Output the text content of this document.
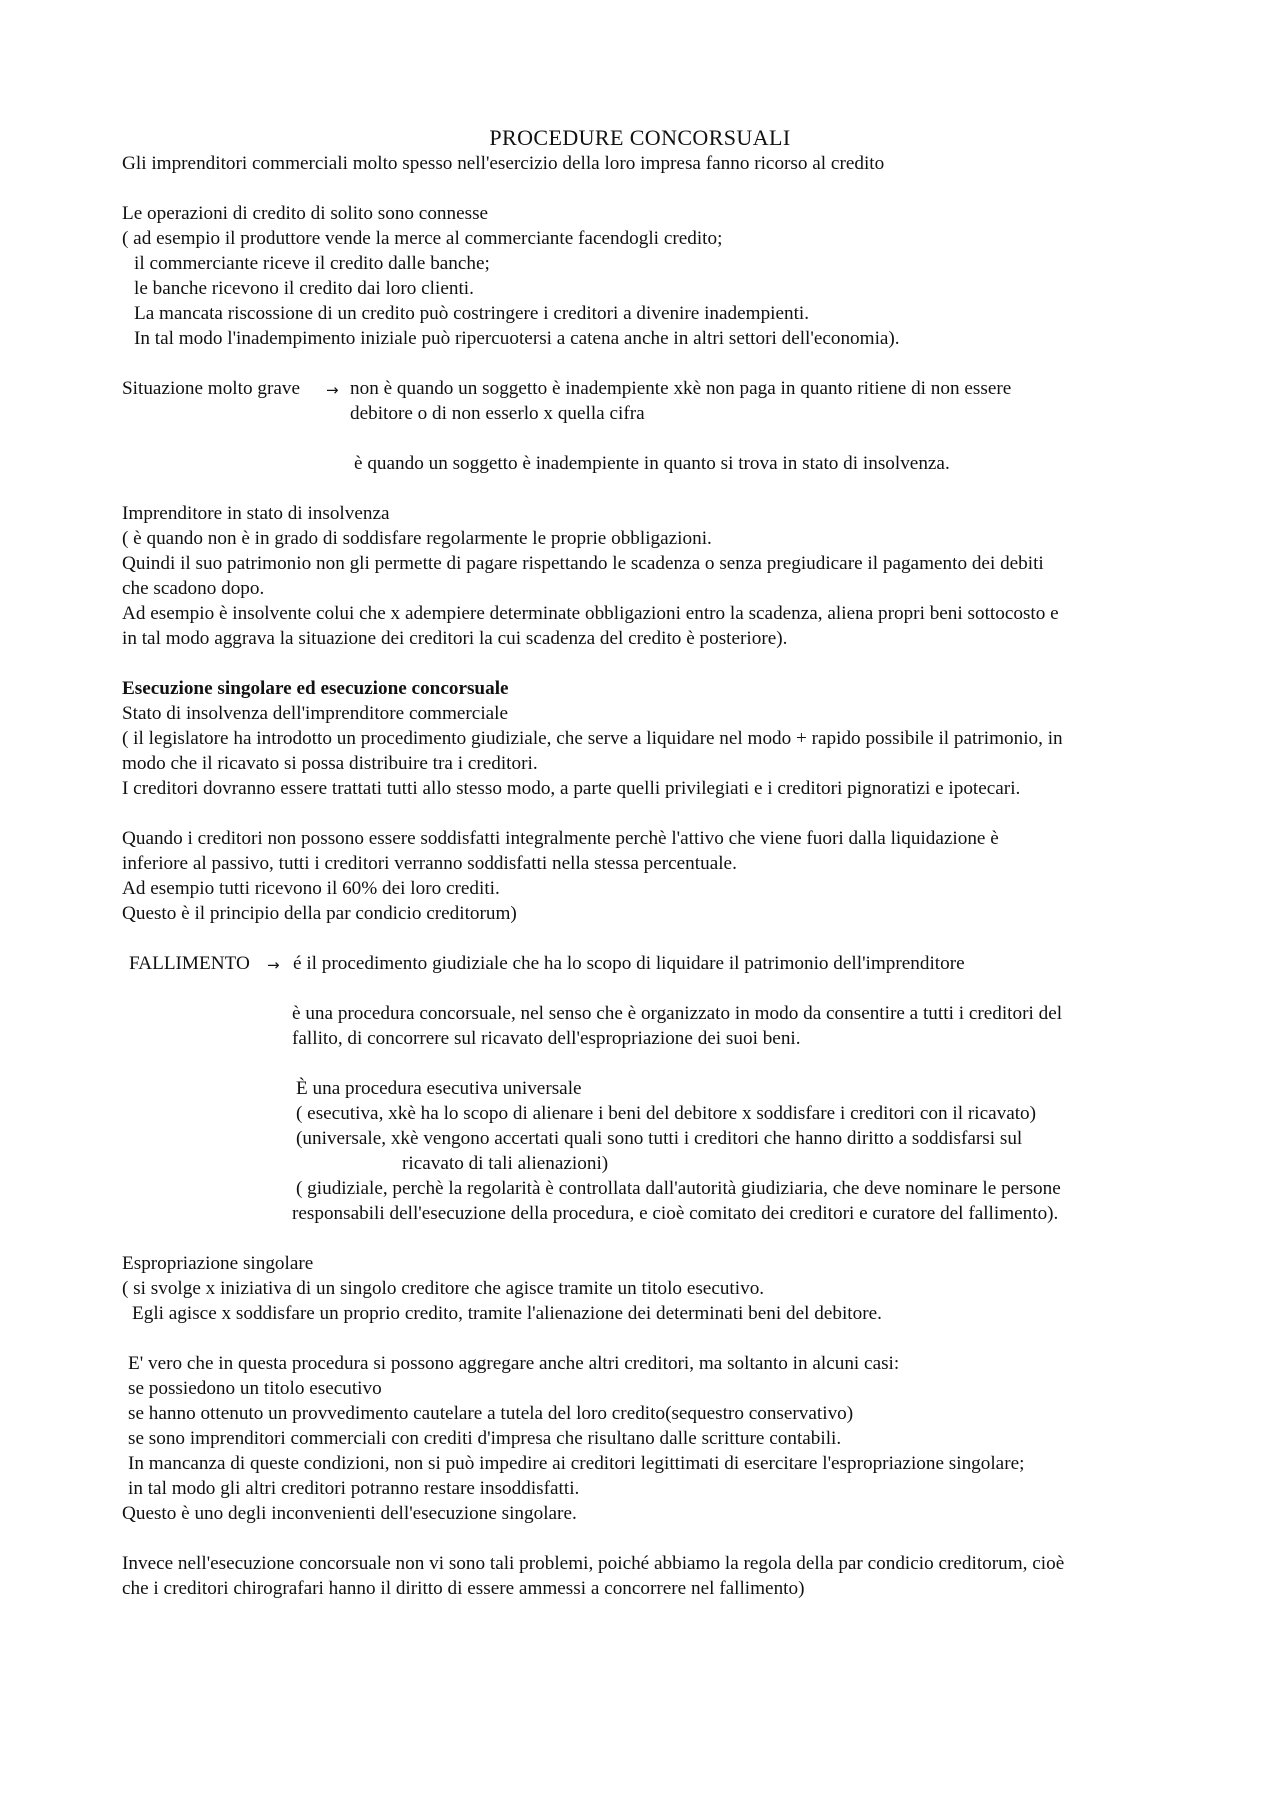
PROCEDURE CONCORSUALI
Gli imprenditori commerciali molto spesso nell'esercizio della loro impresa fanno ricorso al credito
Le operazioni di credito di solito sono connesse
( ad esempio il produttore vende la merce al commerciante facendogli credito;
il commerciante riceve il credito dalle banche;
le banche ricevono il credito dai loro clienti.
La mancata riscossione di un credito può costringere i creditori a divenire inadempienti.
In tal modo l'inadempimento iniziale può ripercuotersi a catena anche in altri settori dell'economia).
Situazione molto grave → non è quando un soggetto è inadempiente xkè non paga in quanto ritiene di non essere
debitore o di non esserlo x quella cifra
è quando un soggetto è inadempiente in quanto si trova in stato di insolvenza.
Imprenditore in stato di insolvenza
( è quando non è in grado di soddisfare regolarmente le proprie obbligazioni.
Quindi il suo patrimonio non gli permette di pagare rispettando le scadenza o senza pregiudicare il pagamento dei debiti
che scadono dopo.
Ad esempio è insolvente colui che x adempiere determinate obbligazioni entro la scadenza, aliena propri beni sottocosto e
in tal modo aggrava la situazione dei creditori la cui scadenza del credito è posteriore).
Esecuzione singolare ed esecuzione concorsuale
Stato di insolvenza dell'imprenditore commerciale
( il legislatore ha introdotto un procedimento giudiziale, che serve a liquidare nel modo + rapido possibile il patrimonio, in
modo che il ricavato si possa distribuire tra i creditori.
I creditori dovranno essere trattati tutti allo stesso modo, a parte quelli privilegiati e i creditori pignoratizi e ipotecari.
Quando i creditori non possono essere soddisfatti integralmente perchè l'attivo che viene fuori dalla liquidazione è
inferiore al passivo, tutti i creditori verranno soddisfatti nella stessa percentuale.
Ad esempio tutti ricevono il 60% dei loro crediti.
Questo è il principio della par condicio creditorum)
FALLIMENTO → é il procedimento giudiziale che ha lo scopo di liquidare il patrimonio dell'imprenditore
è una procedura concorsuale, nel senso che è organizzato in modo da consentire a tutti i creditori del
fallito, di concorrere sul ricavato dell'espropriazione dei suoi beni.
È una procedura esecutiva universale
( esecutiva, xkè ha lo scopo di alienare i beni del debitore x soddisfare i creditori con il ricavato)
(universale, xkè vengono accertati quali sono tutti i creditori che hanno diritto a soddisfarsi sul
ricavato di tali alienazioni)
( giudiziale, perchè la regolarità è controllata dall'autorità giudiziaria, che deve nominare le persone
responsabili dell'esecuzione della procedura, e cioè comitato dei creditori e curatore del fallimento).
Espropriazione singolare
( si svolge x iniziativa di un singolo creditore che agisce tramite un titolo esecutivo.
Egli agisce x soddisfare un proprio credito, tramite l'alienazione dei determinati beni del debitore.
E' vero che in questa procedura si possono aggregare anche altri creditori, ma soltanto in alcuni casi:
se possiedono un titolo esecutivo
se hanno ottenuto un provvedimento cautelare a tutela del loro credito(sequestro conservativo)
se sono imprenditori commerciali con crediti d'impresa che risultano dalle scritture contabili.
In mancanza di queste condizioni, non si può impedire ai creditori legittimati di esercitare l'espropriazione singolare;
in tal modo gli altri creditori potranno restare insoddisfatti.
Questo è uno degli inconvenienti dell'esecuzione singolare.
Invece nell'esecuzione concorsuale non vi sono tali problemi, poiché abbiamo la regola della par condicio creditorum, cioè
che i creditori chirografari hanno il diritto di essere ammessi a concorrere nel fallimento)
